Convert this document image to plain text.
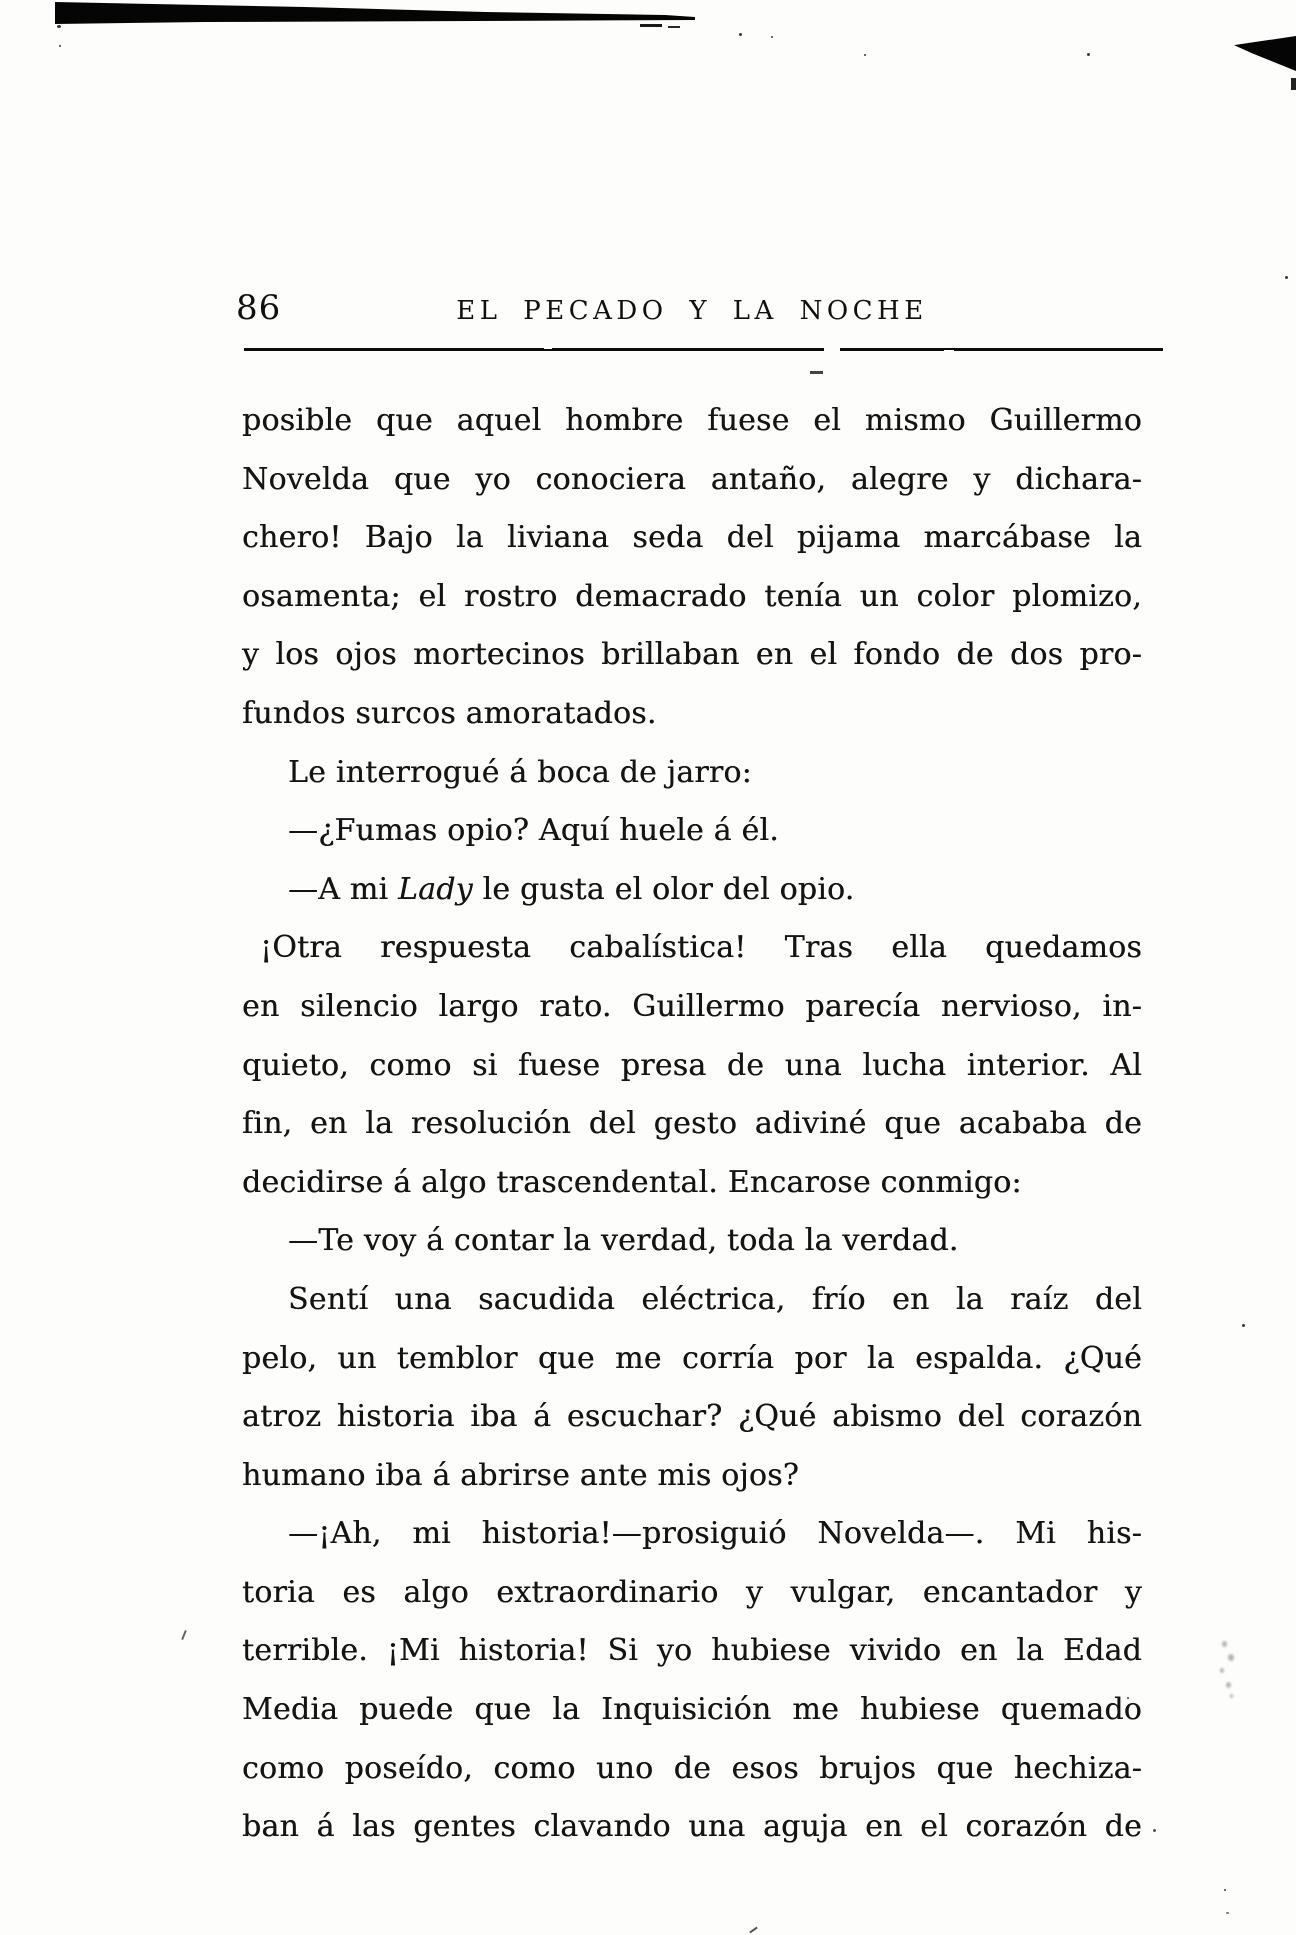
86	EL PECADO Y LA NOCHE
posible que aquel hombre fuese el mismo Guillermo
Novelda que yo conociera antaño, alegre y dichara-
chero! Bajo la liviana seda del pijama marcábase la
osamenta; el rostro demacrado tenía un color plomizo,
y los ojos mortecinos brillaban en el fondo de dos pro-
fundos surcos amoratados.
Le interrogué á boca de jarro:
—¿Fumas opio? Aquí huele á él.
—A mi Lady le gusta el olor del opio.
¡Otra respuesta cabalística! Tras ella quedamos
en silencio largo rato. Guillermo parecía nervioso, in-
quieto, como si fuese presa de una lucha interior. Al
fin, en la resolución del gesto adiviné que acababa de
decidirse á algo trascendental. Encarose conmigo:
—Te voy á contar la verdad, toda la verdad.
Sentí una sacudida eléctrica, frío en la raíz del
pelo, un temblor que me corría por la espalda. ¿Qué
atroz historia iba á escuchar? ¿Qué abismo del corazón
humano iba á abrirse ante mis ojos?
—¡Ah, mi historia!—prosiguió Novelda—. Mi his-
toria es algo extraordinario y vulgar, encantador y
terrible. ¡Mi historia! Si yo hubiese vivido en la Edad
Media puede que la Inquisición me hubiese quemado
como poseído, como uno de esos brujos que hechiza-
ban á las gentes clavando una aguja en el corazón de
